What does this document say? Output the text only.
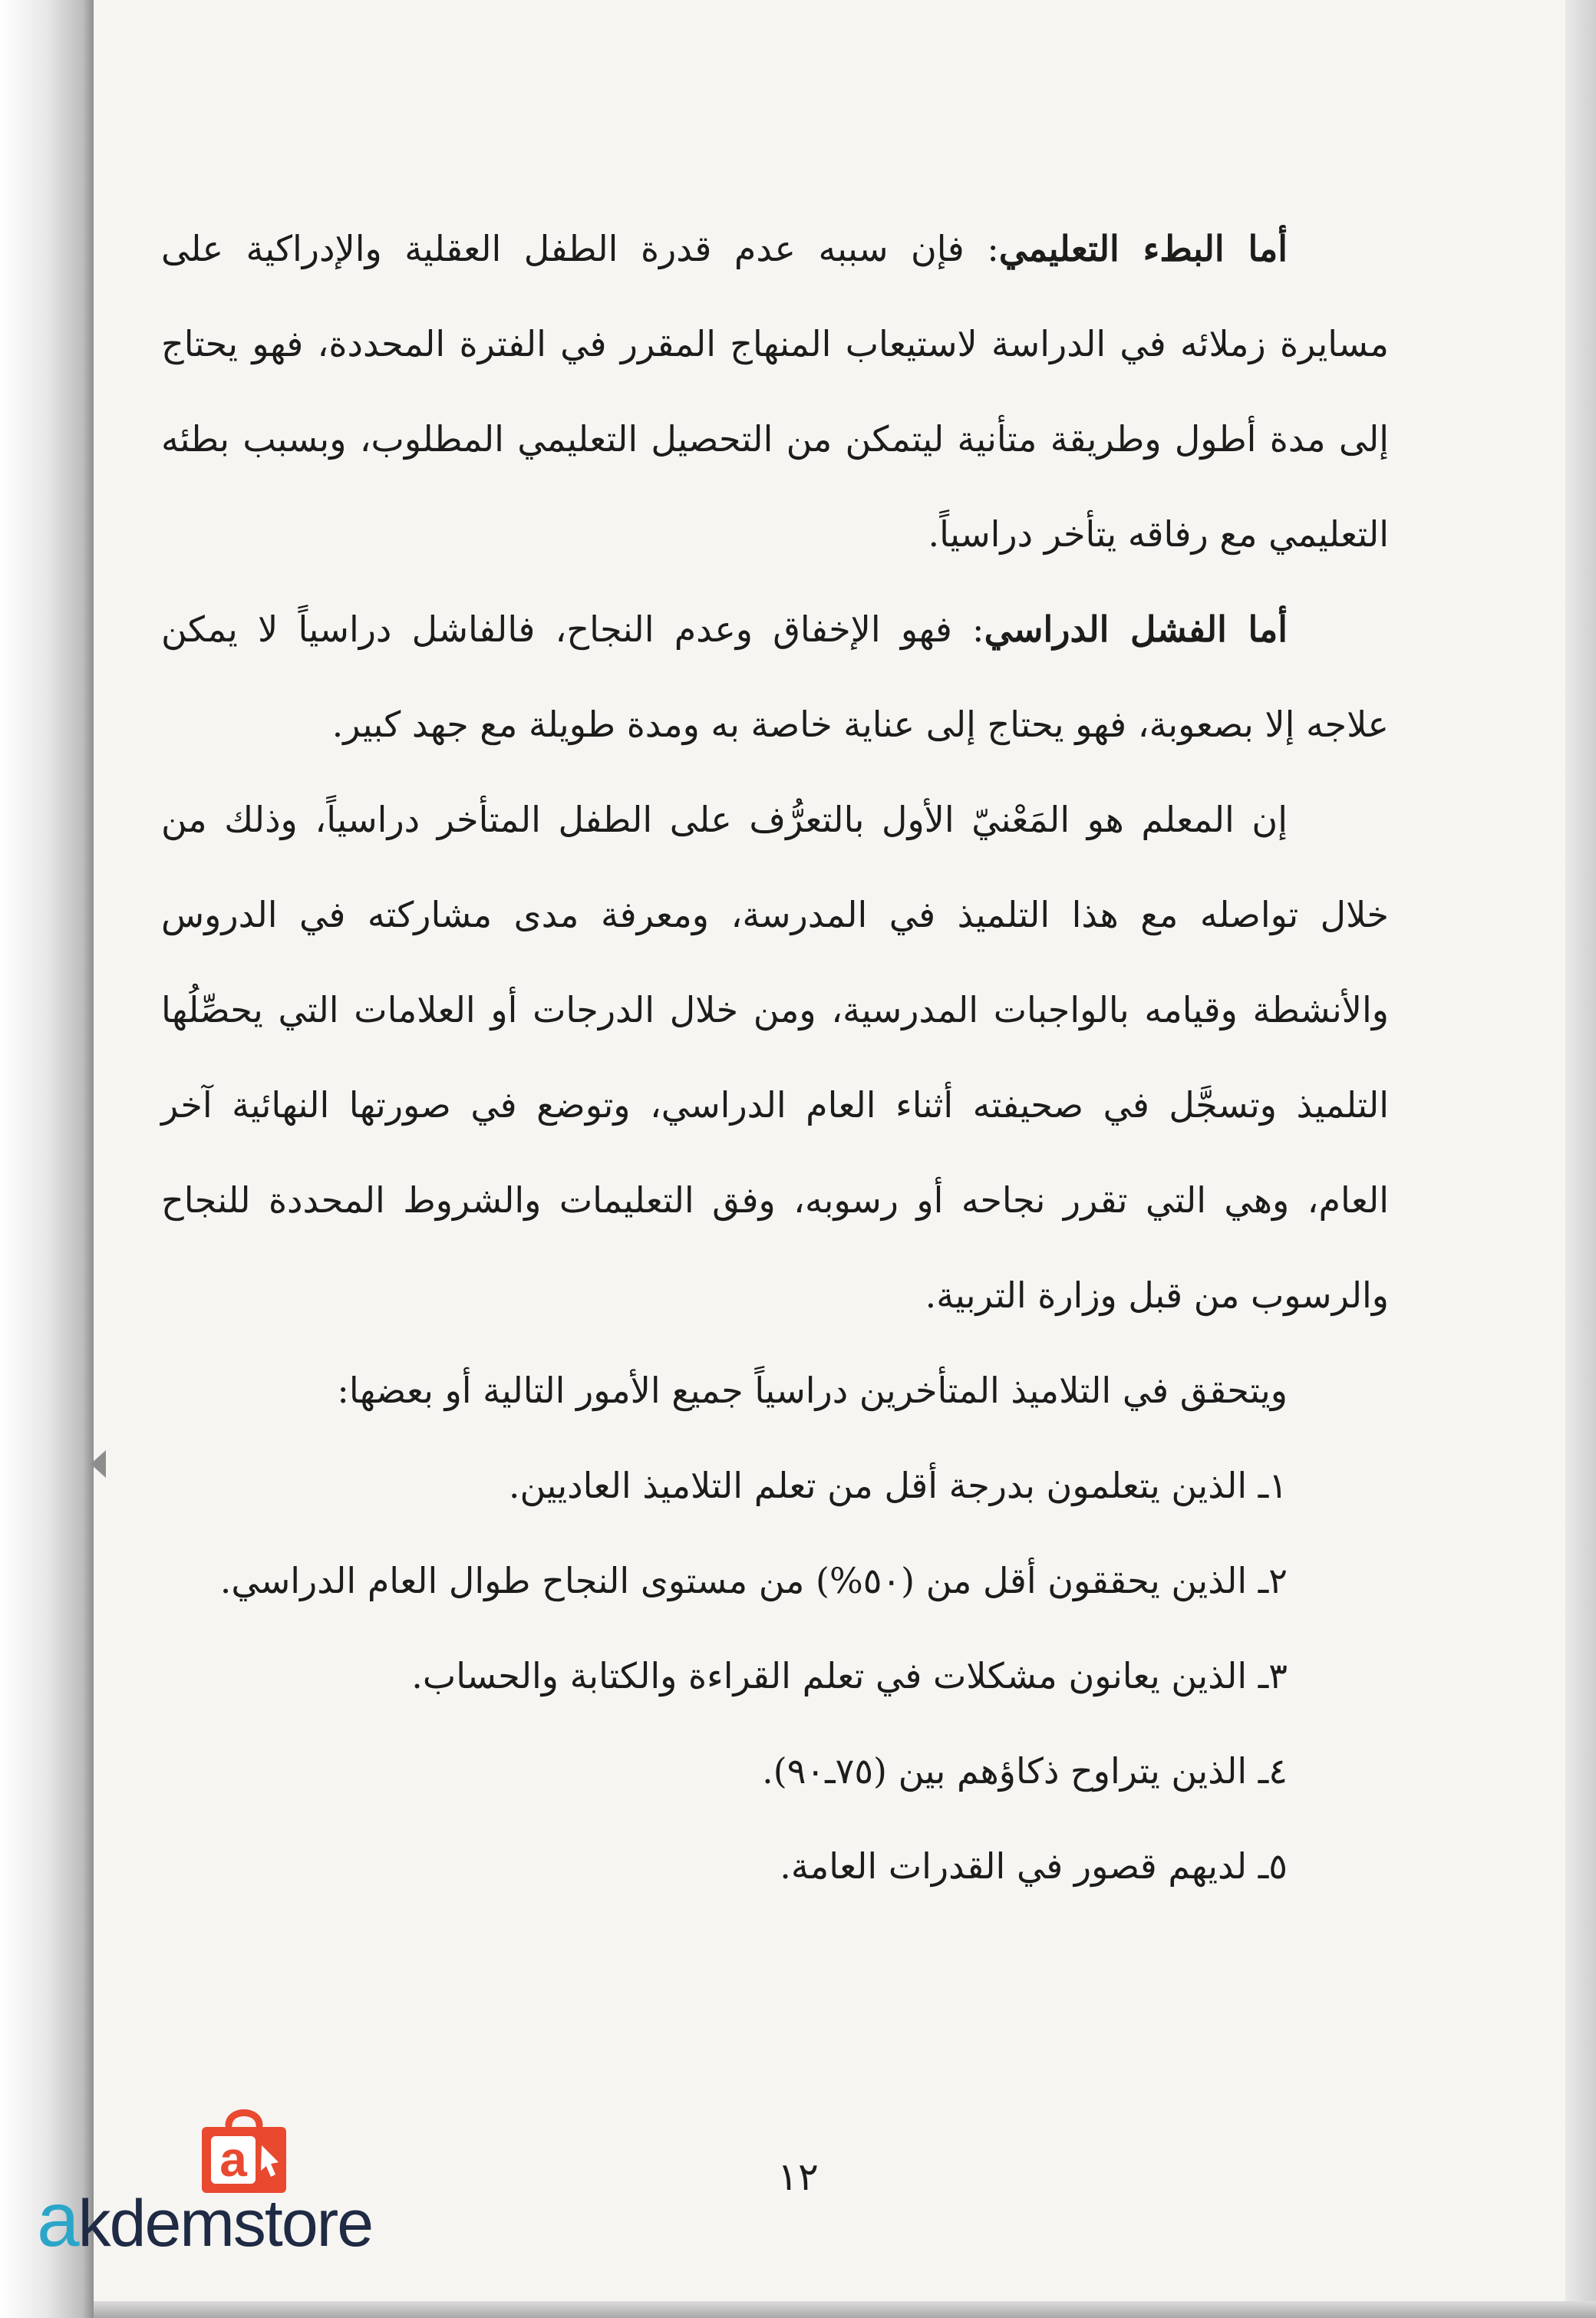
أما البطء التعليمي: فإن سببه عدم قدرة الطفل العقلية والإدراكية على مسايرة زملائه في الدراسة لاستيعاب المنهاج المقرر في الفترة المحددة، فهو يحتاج إلى مدة أطول وطريقة متأنية ليتمكن من التحصيل التعليمي المطلوب، وبسبب بطئه التعليمي مع رفاقه يتأخر دراسياً.

أما الفشل الدراسي: فهو الإخفاق وعدم النجاح، فالفاشل دراسياً لا يمكن علاجه إلا بصعوبة، فهو يحتاج إلى عناية خاصة به ومدة طويلة مع جهد كبير.

إن المعلم هو المَعْنيّ الأول بالتعرُّف على الطفل المتأخر دراسياً، وذلك من خلال تواصله مع هذا التلميذ في المدرسة، ومعرفة مدى مشاركته في الدروس والأنشطة وقيامه بالواجبات المدرسية، ومن خلال الدرجات أو العلامات التي يحصِّلُها التلميذ وتسجَّل في صحيفته أثناء العام الدراسي، وتوضع في صورتها النهائية آخر العام، وهي التي تقرر نجاحه أو رسوبه، وفق التعليمات والشروط المحددة للنجاح والرسوب من قبل وزارة التربية.

ويتحقق في التلاميذ المتأخرين دراسياً جميع الأمور التالية أو بعضها:

١ـ الذين يتعلمون بدرجة أقل من تعلم التلاميذ العاديين.

٢ـ الذين يحققون أقل من (٥٠%) من مستوى النجاح طوال العام الدراسي.

٣ـ الذين يعانون مشكلات في تعلم القراءة والكتابة والحساب.

٤ـ الذين يتراوح ذكاؤهم بين (٧٥ـ٩٠).

٥ـ لديهم قصور في القدرات العامة.

١٢
a
akdemstore
